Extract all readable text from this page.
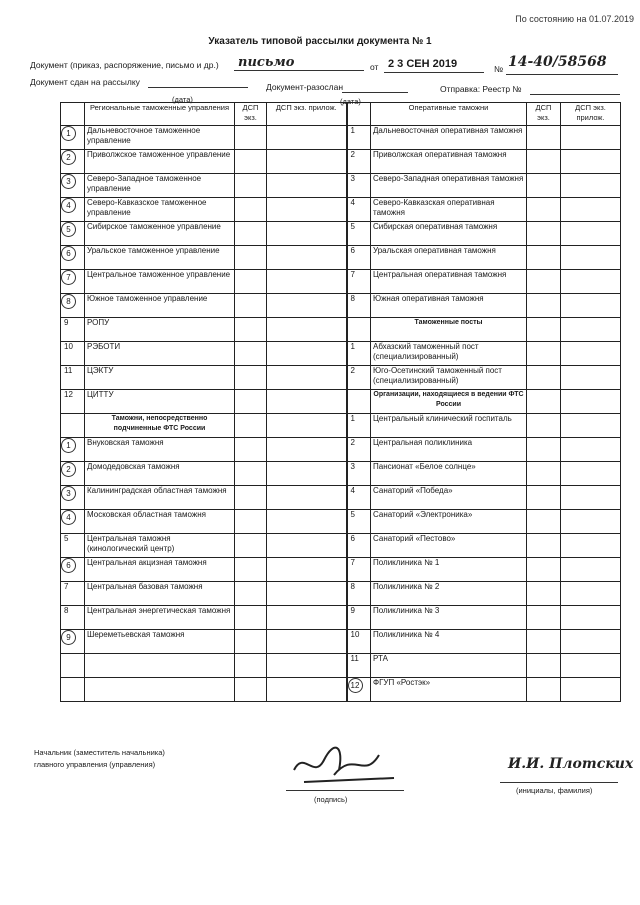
По состоянию на 01.07.2019
Указатель типовой рассылки документа № 1
Документ (приказ, распоряжение, письмо и др.) письмо	от 2 3 СЕН 2019	№ 14-40/58568
Документ сдан на рассылку	Документ-разослан	Отправка: Реестр №
(дата)	(дата)
	Региональные таможенные управления	ДСП экз.	ДСП экз. прилож.		Оперативные таможни	ДСП экз.	ДСП экз. прилож.
1	Дальневосточное таможенное управление			1	Дальневосточная оперативная таможня		
2	Приволжское таможенное управление			2	Приволжская оперативная таможня		
3	Северо-Западное таможенное управление			3	Северо-Западная оперативная таможня		
4	Северо-Кавказское таможенное управление			4	Северо-Кавказская оперативная таможня		
5	Сибирское таможенное управление			5	Сибирская оперативная таможня		
6	Уральское таможенное управление			6	Уральская оперативная таможня		
7	Центральное таможенное управление			7	Центральная оперативная таможня		
8	Южное таможенное управление			8	Южная оперативная таможня		
9	РОПУ				Таможенные посты		
10	РЭБОТИ			1	Абхазский таможенный пост (специализированный)		
11	ЦЭКТУ			2	Юго-Осетинский таможенный пост (специализированный)		
12	ЦИТТУ				Организации, находящиеся в ведении ФТС России		
	Таможни, непосредственно подчиненные ФТС России			1	Центральный клинический госпиталь		
1	Внуковская таможня			2	Центральная поликлиника		
2	Домодедовская таможня			3	Пансионат «Белое солнце»		
3	Калининградская областная таможня			4	Санаторий «Победа»		
4	Московская областная таможня			5	Санаторий «Электроника»		
5	Центральная таможня (кинологический центр)			6	Санаторий «Пестово»		
6	Центральная акцизная таможня			7	Поликлиника № 1		
7	Центральная базовая таможня			8	Поликлиника № 2		
8	Центральная энергетическая таможня			9	Поликлиника № 3		
9	Шереметьевская таможня			10	Поликлиника № 4		
				11	РТА		
				12	ФГУП «Ростэк»		
Начальник (заместитель начальника)
главного управления (управления)
(подпись)
И.И. Плотских
(инициалы, фамилия)
